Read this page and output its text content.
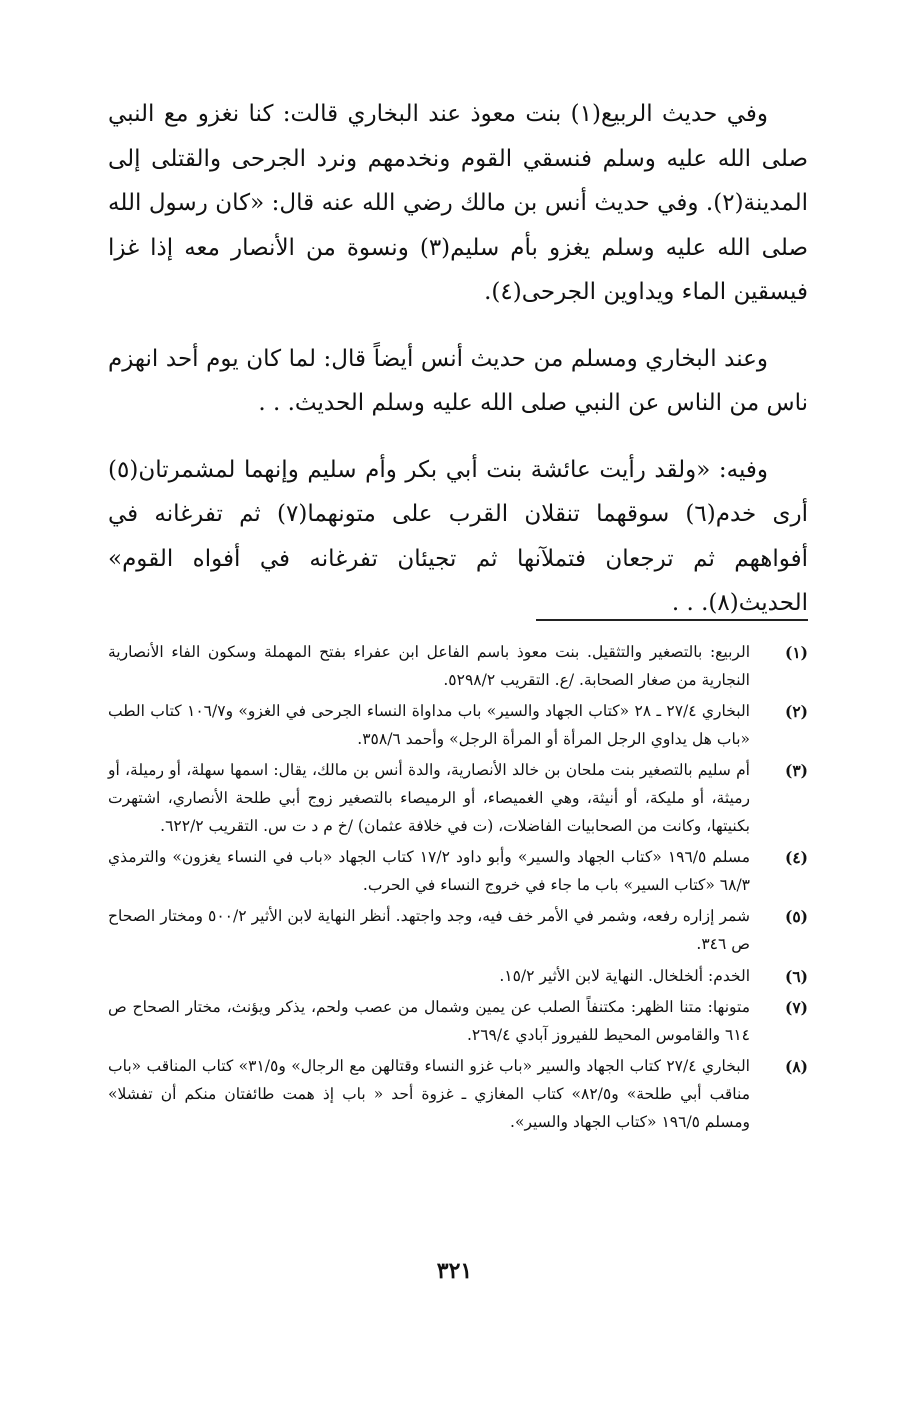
وفي حديث الربيع(١) بنت معوذ عند البخاري قالت: كنا نغزو مع النبي صلى الله عليه وسلم فنسقي القوم ونخدمهم ونرد الجرحى والقتلى إلى المدينة(٢). وفي حديث أنس بن مالك رضي الله عنه قال: «كان رسول الله صلى الله عليه وسلم يغزو بأم سليم(٣) ونسوة من الأنصار معه إذا غزا فيسقين الماء ويداوين الجرحى(٤).

وعند البخاري ومسلم من حديث أنس أيضاً قال: لما كان يوم أحد انهزم ناس من الناس عن النبي صلى الله عليه وسلم الحديث. . .

وفيه: «ولقد رأيت عائشة بنت أبي بكر وأم سليم وإنهما لمشمرتان(٥) أرى خدم(٦) سوقهما تنقلان القرب على متونهما(٧) ثم تفرغانه في أفواههم ثم ترجعان فتملآنها ثم تجيئان تفرغانه في أفواه القوم» الحديث(٨). . .

(١)
الربيع: بالتصغير والتثقيل. بنت معوذ باسم الفاعل ابن عفراء بفتح المهملة وسكون الفاء الأنصارية النجارية من صغار الصحابة. /ع. التقريب ٥٢٩٨/٢.
(٢)
البخاري ٢٧/٤ ـ ٢٨ «كتاب الجهاد والسير» باب مداواة النساء الجرحى في الغزو» و١٠٦/٧ كتاب الطب «باب هل يداوي الرجل المرأة أو المرأة الرجل» وأحمد ٣٥٨/٦.
(٣)
أم سليم بالتصغير بنت ملحان بن خالد الأنصارية، والدة أنس بن مالك، يقال: اسمها سهلة، أو رميلة، أو رميثة، أو مليكة، أو أنيثة، وهي الغميصاء، أو الرميصاء بالتصغير زوج أبي طلحة الأنصاري، اشتهرت بكنيتها، وكانت من الصحابيات الفاضلات، (ت في خلافة عثمان) /خ م د ت س. التقريب ٦٢٢/٢.
(٤)
مسلم ١٩٦/٥ «كتاب الجهاد والسير» وأبو داود ١٧/٢ كتاب الجهاد «باب في النساء يغزون» والترمذي ٦٨/٣ «كتاب السير» باب ما جاء في خروج النساء في الحرب.
(٥)
شمر إزاره رفعه، وشمر في الأمر خف فيه، وجد واجتهد. أنظر النهاية لابن الأثير ٥٠٠/٢ ومختار الصحاح ص ٣٤٦.
(٦)
الخدم: ألخلخال. النهاية لابن الأثير ١٥/٢.
(٧)
متونها: متنا الظهر: مكتنفاً الصلب عن يمين وشمال من عصب ولحم، يذكر ويؤنث، مختار الصحاح ص ٦١٤ والقاموس المحيط للفيروز آبادي ٢٦٩/٤.
(٨)
البخاري ٢٧/٤ كتاب الجهاد والسير «باب غزو النساء وقتالهن مع الرجال» و٣١/٥» كتاب المناقب «باب مناقب أبي طلحة» و٨٢/٥» كتاب المغازي ـ غزوة أحد « باب إذ همت طائفتان منكم أن تفشلا» ومسلم ١٩٦/٥ «كتاب الجهاد والسير».
٣٢١
